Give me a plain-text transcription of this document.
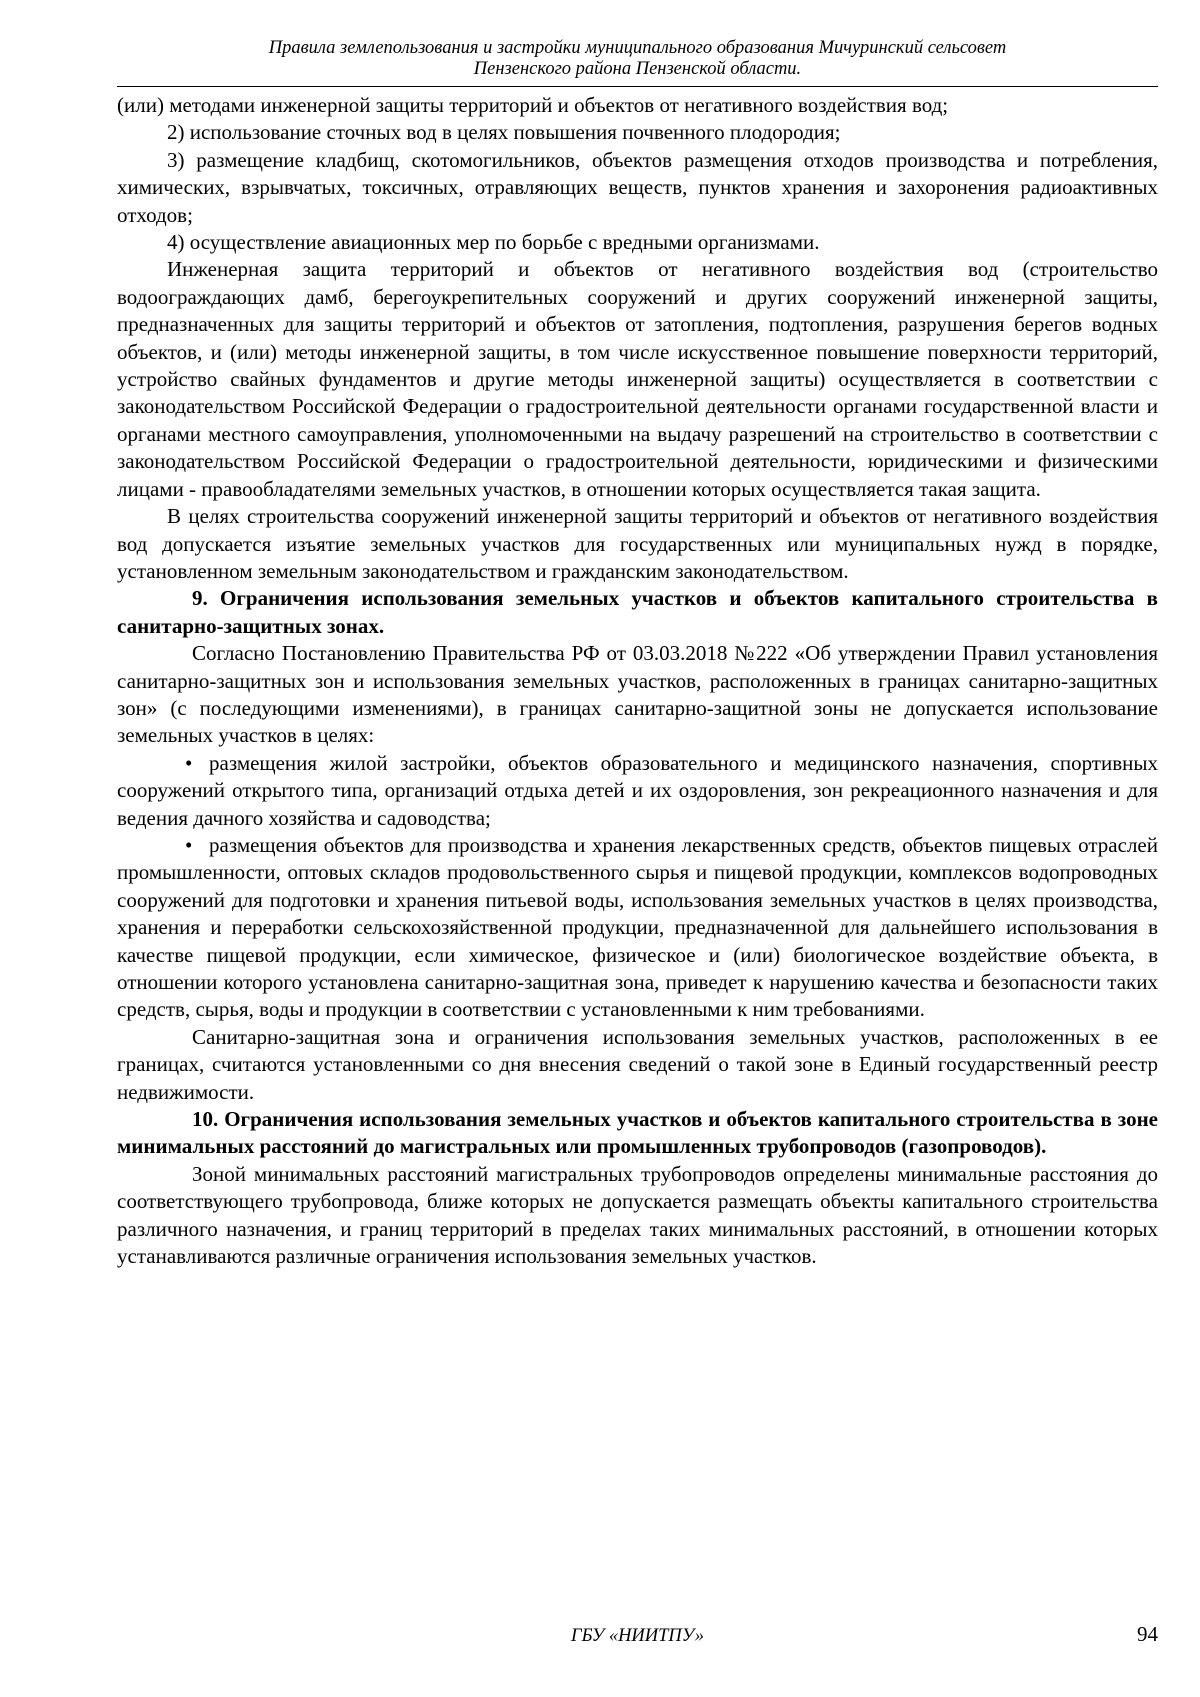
Правила землепользования и застройки муниципального образования Мичуринский сельсовет
Пензенского района Пензенской области.

(или) методами инженерной защиты территорий и объектов от негативного воздействия вод;

2) использование сточных вод в целях повышения почвенного плодородия;

3) размещение кладбищ, скотомогильников, объектов размещения отходов производства и потребления, химических, взрывчатых, токсичных, отравляющих веществ, пунктов хранения и захоронения радиоактивных отходов;

4) осуществление авиационных мер по борьбе с вредными организмами.

Инженерная защита территорий и объектов от негативного воздействия вод (строительство водоограждающих дамб, берегоукрепительных сооружений и других сооружений инженерной защиты, предназначенных для защиты территорий и объектов от затопления, подтопления, разрушения берегов водных объектов, и (или) методы инженерной защиты, в том числе искусственное повышение поверхности территорий, устройство свайных фундаментов и другие методы инженерной защиты) осуществляется в соответствии с законодательством Российской Федерации о градостроительной деятельности органами государственной власти и органами местного самоуправления, уполномоченными на выдачу разрешений на строительство в соответствии с законодательством Российской Федерации о градостроительной деятельности, юридическими и физическими лицами - правообладателями земельных участков, в отношении которых осуществляется такая защита.

В целях строительства сооружений инженерной защиты территорий и объектов от негативного воздействия вод допускается изъятие земельных участков для государственных или муниципальных нужд в порядке, установленном земельным законодательством и гражданским законодательством.

9. Ограничения использования земельных участков и объектов капитального строительства в санитарно-защитных зонах.

Согласно Постановлению Правительства РФ от 03.03.2018 №222 «Об утверждении Правил установления санитарно-защитных зон и использования земельных участков, расположенных в границах санитарно-защитных зон» (с последующими изменениями), в границах санитарно-защитной зоны не допускается использование земельных участков в целях:

• размещения жилой застройки, объектов образовательного и медицинского назначения, спортивных сооружений открытого типа, организаций отдыха детей и их оздоровления, зон рекреационного назначения и для ведения дачного хозяйства и садоводства;

• размещения объектов для производства и хранения лекарственных средств, объектов пищевых отраслей промышленности, оптовых складов продовольственного сырья и пищевой продукции, комплексов водопроводных сооружений для подготовки и хранения питьевой воды, использования земельных участков в целях производства, хранения и переработки сельскохозяйственной продукции, предназначенной для дальнейшего использования в качестве пищевой продукции, если химическое, физическое и (или) биологическое воздействие объекта, в отношении которого установлена санитарно-защитная зона, приведет к нарушению качества и безопасности таких средств, сырья, воды и продукции в соответствии с установленными к ним требованиями.

Санитарно-защитная зона и ограничения использования земельных участков, расположенных в ее границах, считаются установленными со дня внесения сведений о такой зоне в Единый государственный реестр недвижимости.

10. Ограничения использования земельных участков и объектов капитального строительства в зоне минимальных расстояний до магистральных или промышленных трубопроводов (газопроводов).

Зоной минимальных расстояний магистральных трубопроводов определены минимальные расстояния до соответствующего трубопровода, ближе которых не допускается размещать объекты капитального строительства различного назначения, и границ территорий в пределах таких минимальных расстояний, в отношении которых устанавливаются различные ограничения использования земельных участков.

ГБУ «НИИТПУ»	94
